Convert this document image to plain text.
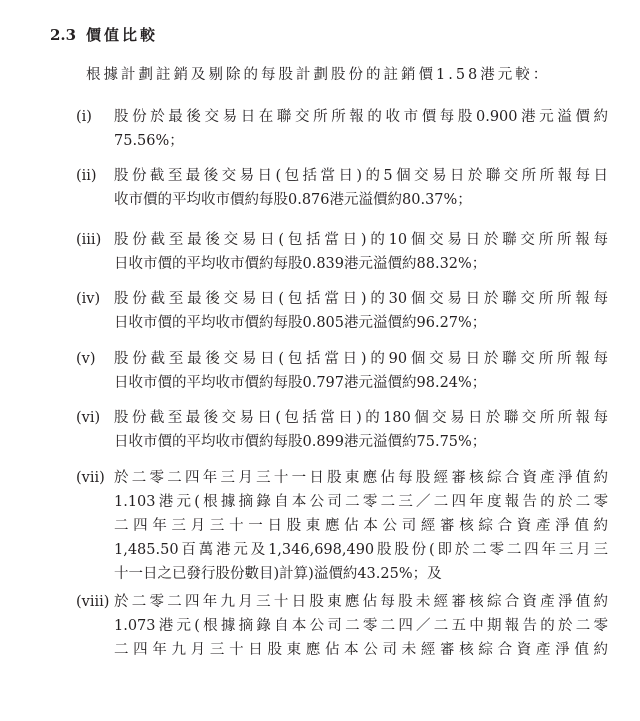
2.3 價值比較
根據計劃註銷及剔除的每股計劃股份的註銷價1.58港元較：
(i)	股份於最後交易日在聯交所所報的收市價每股0.900港元溢價約
75.56%；
(ii)	股份截至最後交易日(包括當日)的5個交易日於聯交所所報每日
收市價的平均收市價約每股0.876港元溢價約80.37%；
(iii) 股份截至最後交易日(包括當日)的10個交易日於聯交所所報每
日收市價的平均收市價約每股0.839港元溢價約88.32%；
(iv) 股份截至最後交易日(包括當日)的30個交易日於聯交所所報每
日收市價的平均收市價約每股0.805港元溢價約96.27%；
(v)	股份截至最後交易日(包括當日)的90個交易日於聯交所所報每
日收市價的平均收市價約每股0.797港元溢價約98.24%；
(vi) 股份截至最後交易日(包括當日)的180個交易日於聯交所所報每
日收市價的平均收市價約每股0.899港元溢價約75.75%；
(vii) 於二零二四年三月三十一日股東應佔每股經審核綜合資產淨值約
1.103港元(根據摘錄自本公司二零二三／二四年度報告的於二零
二四年三月三十一日股東應佔本公司經審核綜合資產淨值約
1,485.50百萬港元及1,346,698,490股股份(即於二零二四年三月三
十一日之已發行股份數目)計算)溢價約43.25%；及
(viii) 於二零二四年九月三十日股東應佔每股未經審核綜合資產淨值約
1.073港元(根據摘錄自本公司二零二四／二五中期報告的於二零
二四年九月三十日股東應佔本公司未經審核綜合資產淨值約
